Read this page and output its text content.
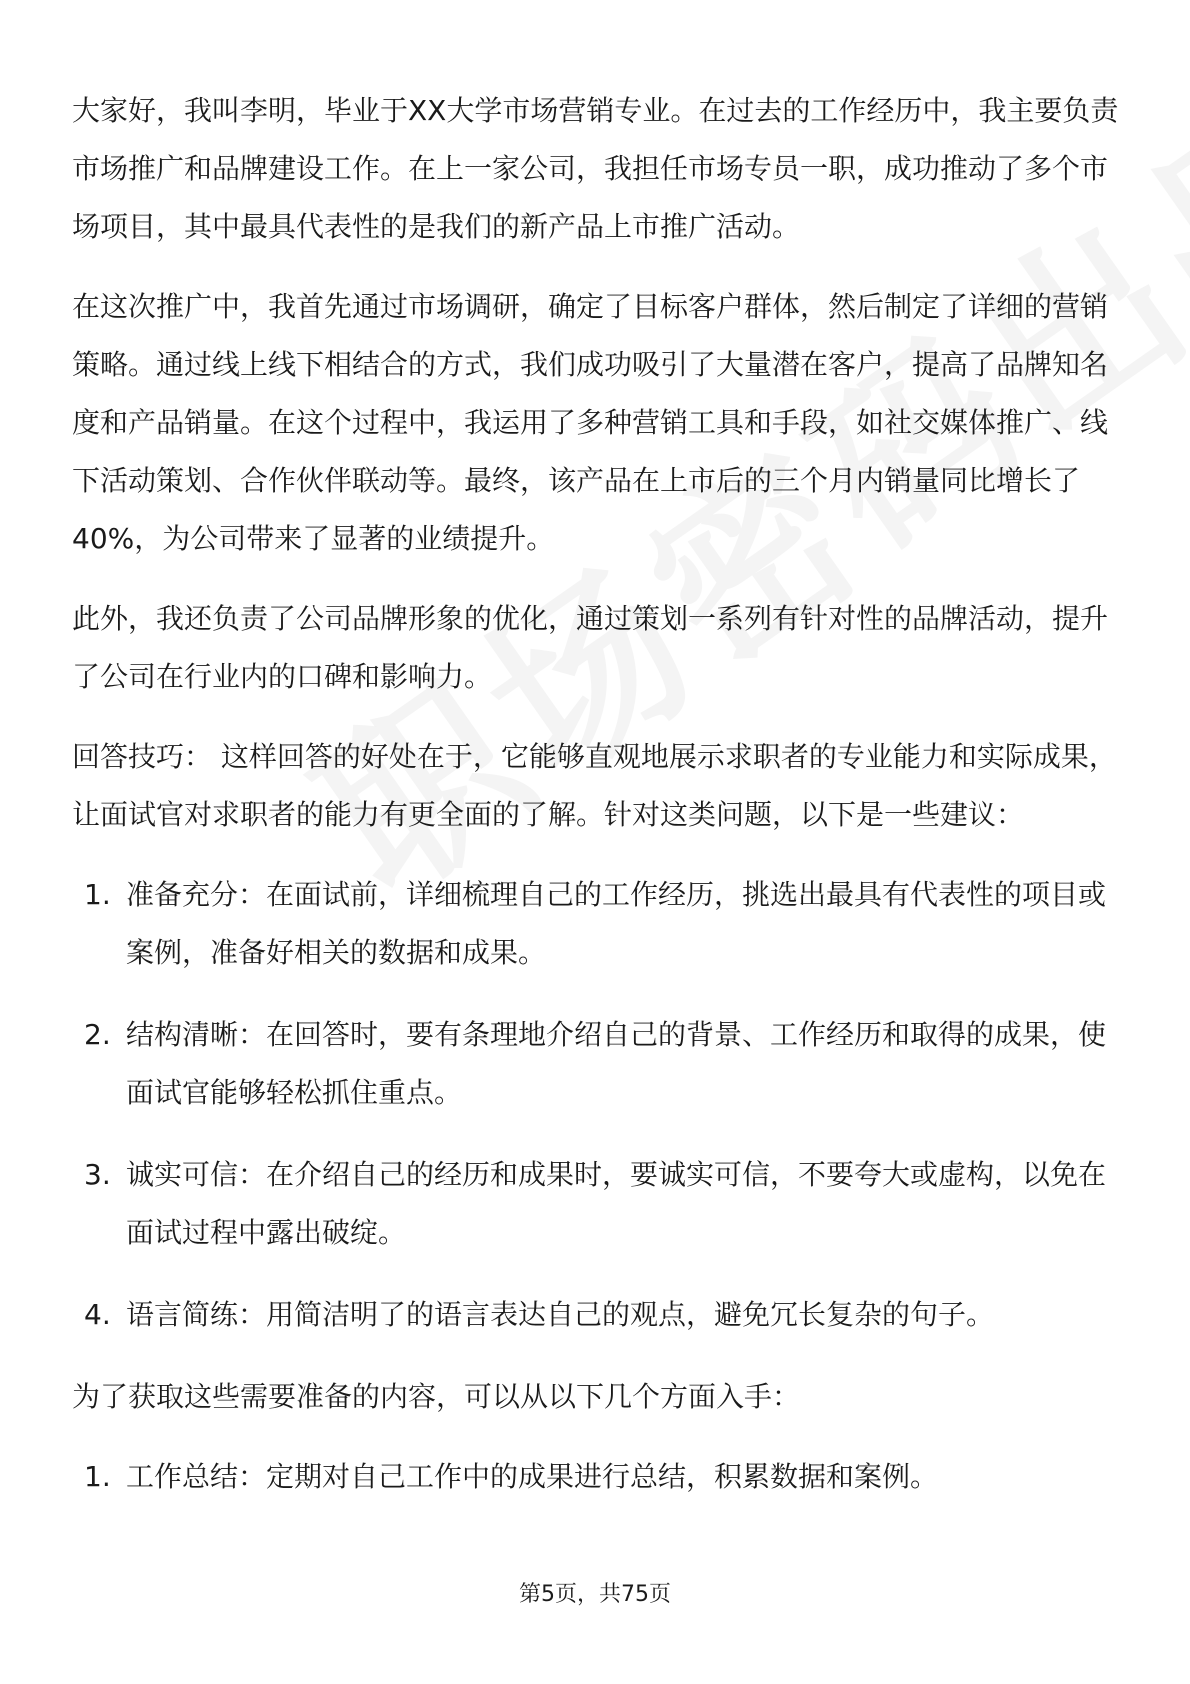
大家好，我叫李明，毕业于XX大学市场营销专业。在过去的工作经历中，我主要负责市场推广和品牌建设工作。在上一家公司，我担任市场专员一职，成功推动了多个市场项目，其中最具代表性的是我们的新产品上市推广活动。

在这次推广中，我首先通过市场调研，确定了目标客户群体，然后制定了详细的营销策略。通过线上线下相结合的方式，我们成功吸引了大量潜在客户，提高了品牌知名度和产品销量。在这个过程中，我运用了多种营销工具和手段，如社交媒体推广、线下活动策划、合作伙伴联动等。最终，该产品在上市后的三个月内销量同比增长了40%，为公司带来了显著的业绩提升。

此外，我还负责了公司品牌形象的优化，通过策划一系列有针对性的品牌活动，提升了公司在行业内的口碑和影响力。

回答技巧： 这样回答的好处在于，它能够直观地展示求职者的专业能力和实际成果，让面试官对求职者的能力有更全面的了解。针对这类问题，以下是一些建议：

1. 准备充分：在面试前，详细梳理自己的工作经历，挑选出最具有代表性的项目或案例，准备好相关的数据和成果。
2. 结构清晰：在回答时，要有条理地介绍自己的背景、工作经历和取得的成果，使面试官能够轻松抓住重点。
3. 诚实可信：在介绍自己的经历和成果时，要诚实可信，不要夸大或虚构，以免在面试过程中露出破绽。
4. 语言简练：用简洁明了的语言表达自己的观点，避免冗长复杂的句子。

为了获取这些需要准备的内容，可以从以下几个方面入手：

1. 工作总结：定期对自己工作中的成果进行总结，积累数据和案例。
第5页，共75页
